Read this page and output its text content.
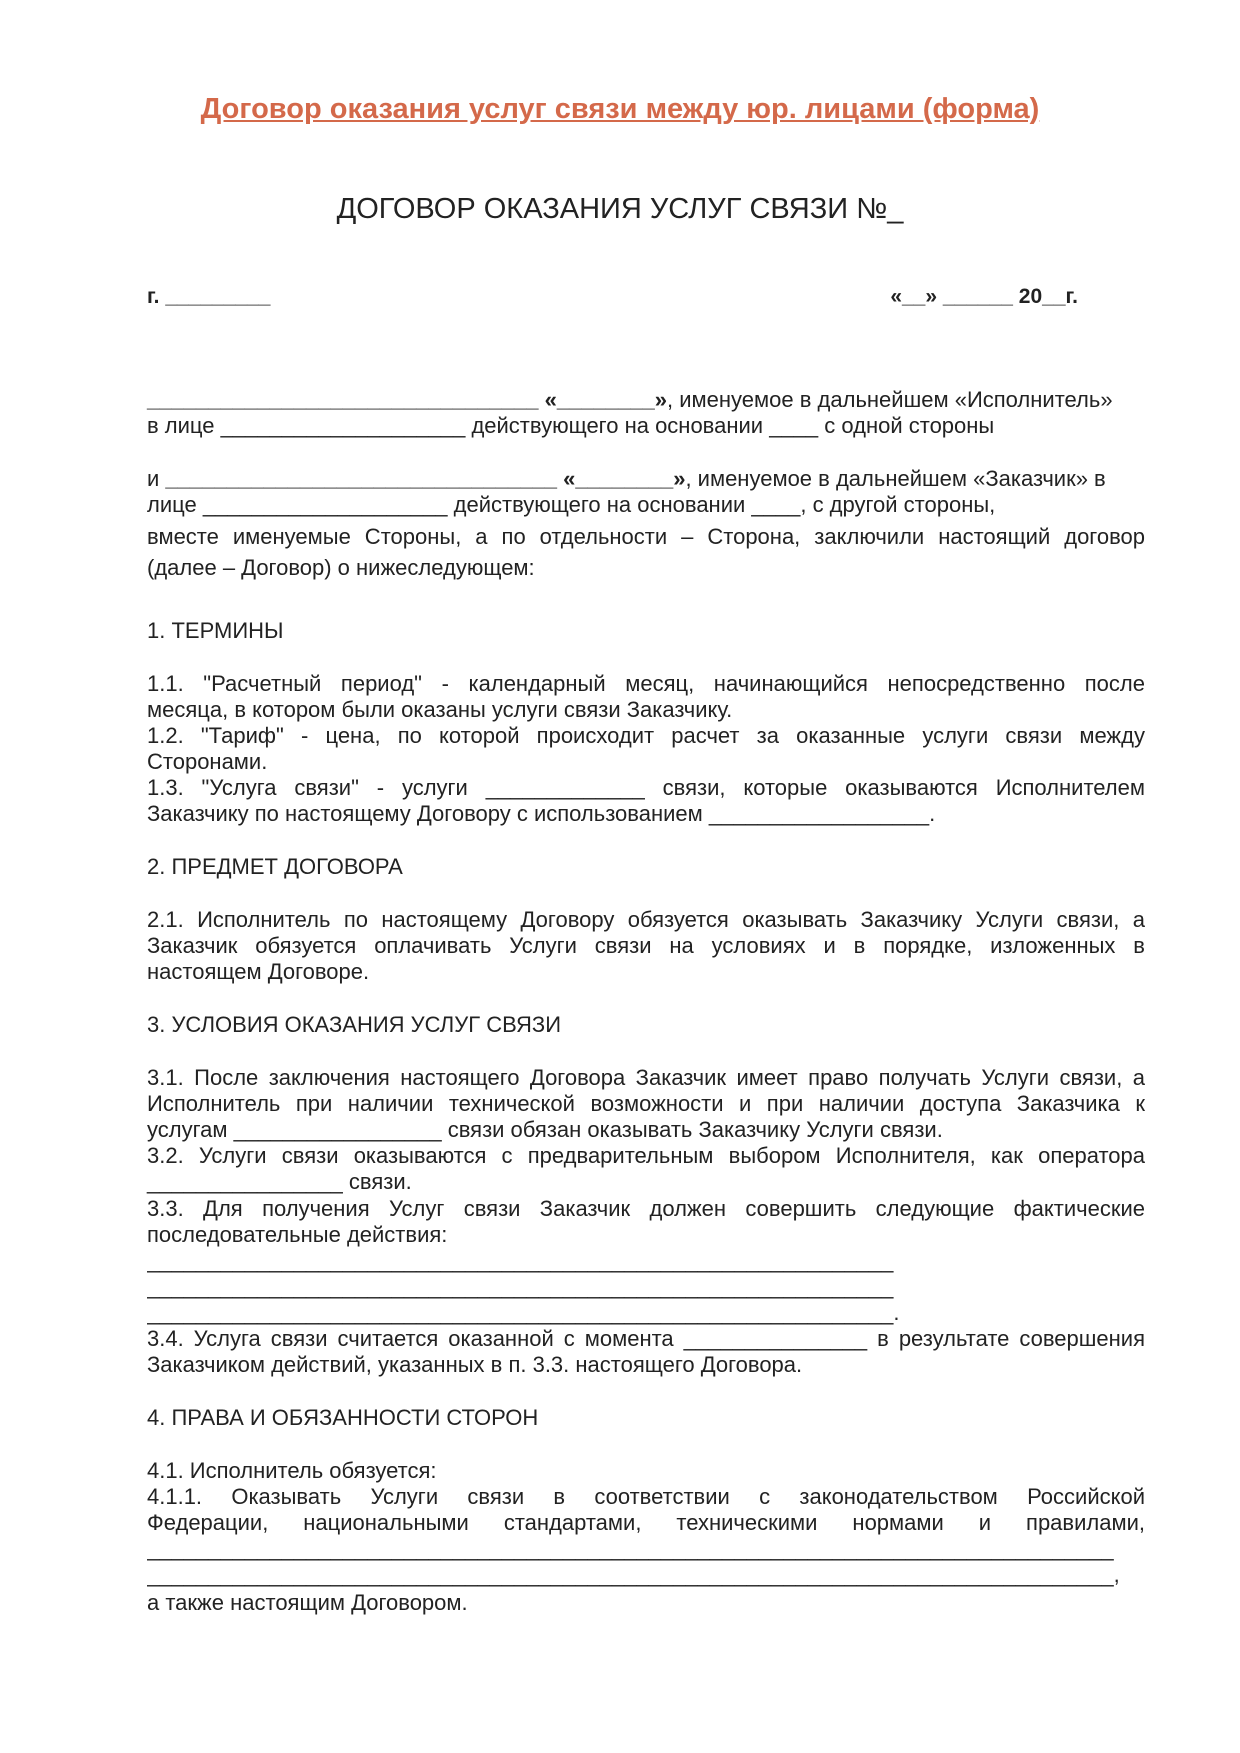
Договор оказания услуг связи между юр. лицами (форма)
ДОГОВОР ОКАЗАНИЯ УСЛУГ СВЯЗИ №_
г. _________	«__» ______ 20__г.
________________________________ «________», именуемое в дальнейшем «Исполнитель»
в лице ____________________ действующего на основании ____ с одной стороны
и ________________________________ «________», именуемое в дальнейшем «Заказчик» в
лице ____________________ действующего на основании ____, с другой стороны,
вместе именуемые Стороны, а по отдельности – Сторона, заключили настоящий договор
(далее – Договор) о нижеследующем:
1. ТЕРМИНЫ
1.1. "Расчетный период" - календарный месяц, начинающийся непосредственно после
месяца, в котором были оказаны услуги связи Заказчику.
1.2. "Тариф" - цена, по которой происходит расчет за оказанные услуги связи между
Сторонами.
1.3. "Услуга связи" - услуги _____________ связи, которые оказываются Исполнителем
Заказчику по настоящему Договору с использованием __________________.
2. ПРЕДМЕТ ДОГОВОРА
2.1. Исполнитель по настоящему Договору обязуется оказывать Заказчику Услуги связи, а
Заказчик обязуется оплачивать Услуги связи на условиях и в порядке, изложенных в
настоящем Договоре.
3. УСЛОВИЯ ОКАЗАНИЯ УСЛУГ СВЯЗИ
3.1. После заключения настоящего Договора Заказчик имеет право получать Услуги связи, а
Исполнитель при наличии технической возможности и при наличии доступа Заказчика к
услугам _________________ связи обязан оказывать Заказчику Услуги связи.
3.2. Услуги связи оказываются с предварительным выбором Исполнителя, как оператора
________________ связи.
3.3. Для получения Услуг связи Заказчик должен совершить следующие фактические
последовательные действия:
_____________________________________________________________
_____________________________________________________________
_____________________________________________________________.
3.4. Услуга связи считается оказанной с момента _______________ в результате совершения
Заказчиком действий, указанных в п. 3.3. настоящего Договора.
4. ПРАВА И ОБЯЗАННОСТИ СТОРОН
4.1. Исполнитель обязуется:
4.1.1. Оказывать Услуги связи в соответствии с законодательством Российской
Федерации, национальными стандартами, техническими нормами и правилами,
_______________________________________________________________________________
_______________________________________________________________________________,
а также настоящим Договором.
